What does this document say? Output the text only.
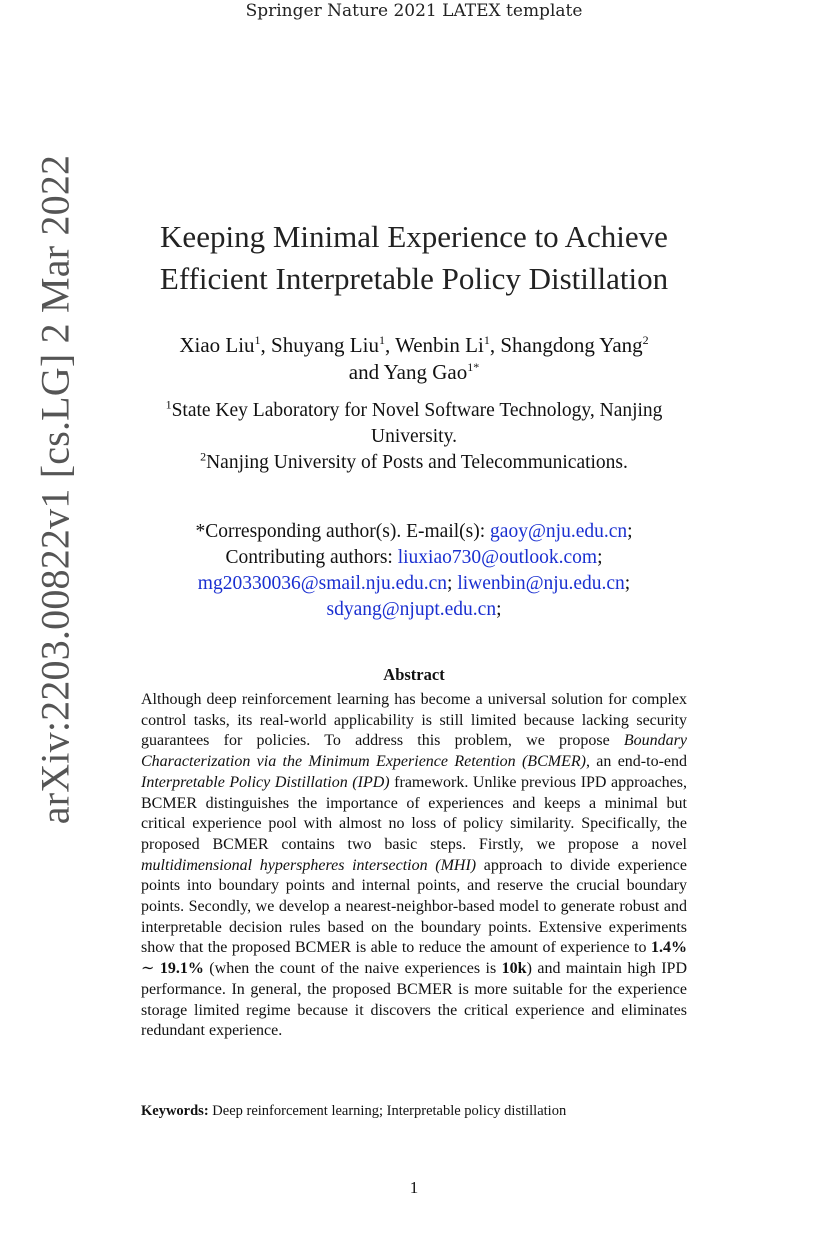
Springer Nature 2021 LATEX template
arXiv:2203.00822v1 [cs.LG] 2 Mar 2022	Keeping Minimal Experience to Achieve
Efficient Interpretable Policy Distillation
Xiao Liu$^1$, Shuyang Liu$^1$, Wenbin Li$^1$, Shangdong Yang$^2$
and Yang Gao$^{1*}$
$^1$State Key Laboratory for Novel Software Technology, Nanjing
University.
$^2$Nanjing University of Posts and Telecommunications.
*Corresponding author(s). E-mail(s): gaoy@nju.edu.cn;
Contributing authors: liuxiao730@outlook.com;
mg20330036@smail.nju.edu.cn; liwenbin@nju.edu.cn;
sdyang@njupt.edu.cn;
Abstract
Although deep reinforcement learning has become a universal solution for complex control tasks, its real-world applicability is still limited because lacking security guarantees for policies. To address this problem, we propose Boundary Characterization via the Minimum Experience Retention (BCMER), an end-to-end Interpretable Policy Distillation (IPD) framework. Unlike previous IPD approaches, BCMER distinguishes the importance of experiences and keeps a minimal but critical experience pool with almost no loss of policy similarity. Specifically, the proposed BCMER contains two basic steps. Firstly, we propose a novel multidimensional hyperspheres intersection (MHI) approach to divide experience points into boundary points and internal points, and reserve the crucial boundary points. Secondly, we develop a nearest-neighbor-based model to generate robust and interpretable decision rules based on the boundary points. Extensive experiments show that the proposed BCMER is able to reduce the amount of experience to 1.4% ∼ 19.1% (when the count of the naive experiences is 10k) and maintain high IPD performance. In general, the proposed BCMER is more suitable for the experience storage limited regime because it discovers the critical experience and eliminates redundant experience.
Keywords: Deep reinforcement learning; Interpretable policy distillation
1
